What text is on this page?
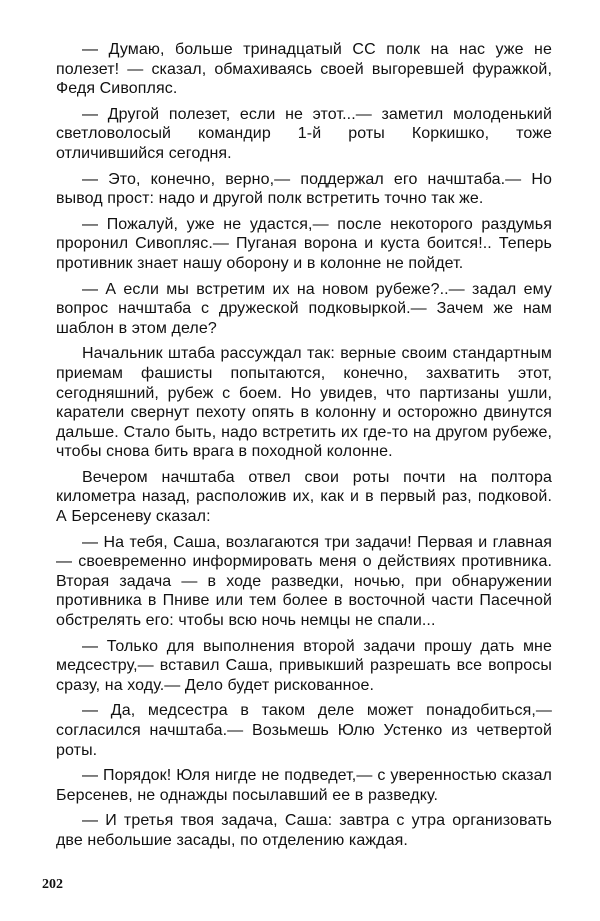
— Думаю, больше тринадцатый СС полк на нас уже не полезет! — сказал, обмахиваясь своей выгоревшей фуражкой, Федя Сивопляс.

— Другой полезет, если не этот...— заметил молоденький светловолосый командир 1-й роты Коркишко, тоже отличившийся сегодня.

— Это, конечно, верно,— поддержал его начштаба.— Но вывод прост: надо и другой полк встретить точно так же.

— Пожалуй, уже не удастся,— после некоторого раздумья проронил Сивопляс.— Пуганая ворона и куста боится!.. Теперь противник знает нашу оборону и в колонне не пойдет.

— А если мы встретим их на новом рубеже?..— задал ему вопрос начштаба с дружеской подковыркой.— Зачем же нам шаблон в этом деле?

Начальник штаба рассуждал так: верные своим стандартным приемам фашисты попытаются, конечно, захватить этот, сегодняшний, рубеж с боем. Но увидев, что партизаны ушли, каратели свернут пехоту опять в колонну и осторожно двинутся дальше. Стало быть, надо встретить их где-то на другом рубеже, чтобы снова бить врага в походной колонне.

Вечером начштаба отвел свои роты почти на полтора километра назад, расположив их, как и в первый раз, подковой. А Берсеневу сказал:

— На тебя, Саша, возлагаются три задачи! Первая и главная — своевременно информировать меня о действиях противника. Вторая задача — в ходе разведки, ночью, при обнаружении противника в Пниве или тем более в восточной части Пасечной обстрелять его: чтобы всю ночь немцы не спали...

— Только для выполнения второй задачи прошу дать мне медсестру,— вставил Саша, привыкший разрешать все вопросы сразу, на ходу.— Дело будет рискованное.

— Да, медсестра в таком деле может понадобиться,— согласился начштаба.— Возьмешь Юлю Устенко из четвертой роты.

— Порядок! Юля нигде не подведет,— с уверенностью сказал Берсенев, не однажды посылавший ее в разведку.

— И третья твоя задача, Саша: завтра с утра организовать две небольшие засады, по отделению каждая.

202
